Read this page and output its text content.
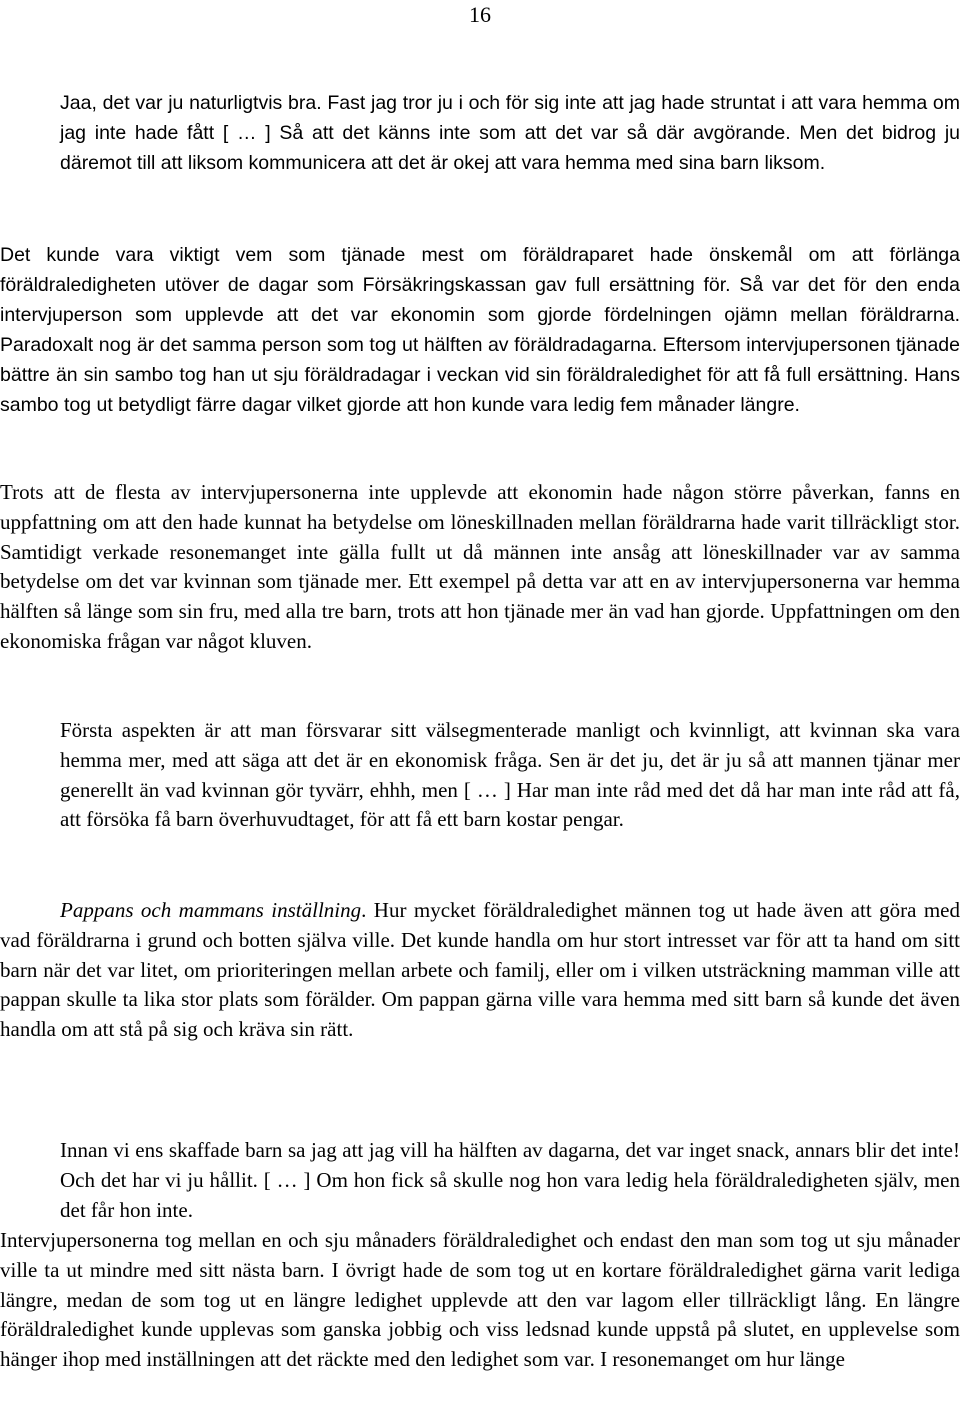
16

Jaa, det var ju naturligtvis bra. Fast jag tror ju i och för sig inte att jag hade struntat i att vara hemma om jag inte hade fått [ … ] Så att det känns inte som att det var så där avgörande. Men det bidrog ju däremot till att liksom kommunicera att det är okej att vara hemma med sina barn liksom.

Det kunde vara viktigt vem som tjänade mest om föräldraparet hade önskemål om att förlänga föräldraledigheten utöver de dagar som Försäkringskassan gav full ersättning för. Så var det för den enda intervjuperson som upplevde att det var ekonomin som gjorde fördelningen ojämn mellan föräldrarna. Paradoxalt nog är det samma person som tog ut hälften av föräldradagarna. Eftersom intervjupersonen tjänade bättre än sin sambo tog han ut sju föräldradagar i veckan vid sin föräldraledighet för att få full ersättning. Hans sambo tog ut betydligt färre dagar vilket gjorde att hon kunde vara ledig fem månader längre.

Trots att de flesta av intervjupersonerna inte upplevde att ekonomin hade någon större påverkan, fanns en uppfattning om att den hade kunnat ha betydelse om löneskillnaden mellan föräldrarna hade varit tillräckligt stor. Samtidigt verkade resonemanget inte gälla fullt ut då männen inte ansåg att löneskillnader var av samma betydelse om det var kvinnan som tjänade mer. Ett exempel på detta var att en av intervjupersonerna var hemma hälften så länge som sin fru, med alla tre barn, trots att hon tjänade mer än vad han gjorde. Uppfattningen om den ekonomiska frågan var något kluven.

Första aspekten är att man försvarar sitt välsegmenterade manligt och kvinnligt, att kvinnan ska vara hemma mer, med att säga att det är en ekonomisk fråga. Sen är det ju, det är ju så att mannen tjänar mer generellt än vad kvinnan gör tyvärr, ehhh, men [ … ] Har man inte råd med det då har man inte råd att få, att försöka få barn överhuvudtaget, för att få ett barn kostar pengar.

Pappans och mammans inställning. Hur mycket föräldraledighet männen tog ut hade även att göra med vad föräldrarna i grund och botten själva ville. Det kunde handla om hur stort intresset var för att ta hand om sitt barn när det var litet, om prioriteringen mellan arbete och familj, eller om i vilken utsträckning mamman ville att pappan skulle ta lika stor plats som förälder. Om pappan gärna ville vara hemma med sitt barn så kunde det även handla om att stå på sig och kräva sin rätt.

Innan vi ens skaffade barn sa jag att jag vill ha hälften av dagarna, det var inget snack, annars blir det inte! Och det har vi ju hållit. [ … ] Om hon fick så skulle nog hon vara ledig hela föräldraledigheten själv, men det får hon inte.

Intervjupersonerna tog mellan en och sju månaders föräldraledighet och endast den man som tog ut sju månader ville ta ut mindre med sitt nästa barn. I övrigt hade de som tog ut en kortare föräldraledighet gärna varit lediga längre, medan de som tog ut en längre ledighet upplevde att den var lagom eller tillräckligt lång. En längre föräldraledighet kunde upplevas som ganska jobbig och viss ledsnad kunde uppstå på slutet, en upplevelse som hänger ihop med inställningen att det räckte med den ledighet som var. I resonemanget om hur länge
